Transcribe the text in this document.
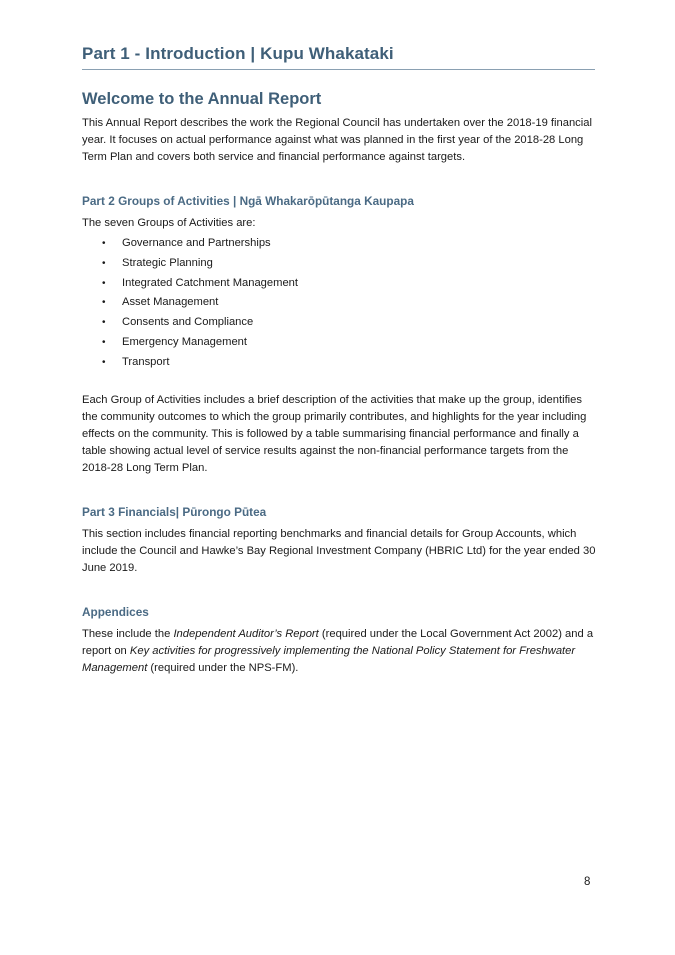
Part 1 - Introduction | Kupu Whakataki
Welcome to the Annual Report

This Annual Report describes the work the Regional Council has undertaken over the 2018-19 financial year. It focuses on actual performance against what was planned in the first year of the 2018-28 Long Term Plan and covers both service and financial performance against targets.

Part 2 Groups of Activities | Ngā Whakarōpūtanga Kaupapa

The seven Groups of Activities are:

• Governance and Partnerships
• Strategic Planning
• Integrated Catchment Management
• Asset Management
• Consents and Compliance
• Emergency Management
• Transport

Each Group of Activities includes a brief description of the activities that make up the group, identifies the community outcomes to which the group primarily contributes, and highlights for the year including effects on the community. This is followed by a table summarising financial performance and finally a table showing actual level of service results against the non-financial performance targets from the 2018-28 Long Term Plan.

Part 3 Financials| Pūrongo Pūtea

This section includes financial reporting benchmarks and financial details for Group Accounts, which include the Council and Hawke’s Bay Regional Investment Company (HBRIC Ltd) for the year ended 30 June 2019.

Appendices

These include the Independent Auditor’s Report (required under the Local Government Act 2002) and a report on Key activities for progressively implementing the National Policy Statement for Freshwater Management (required under the NPS-FM).

8
